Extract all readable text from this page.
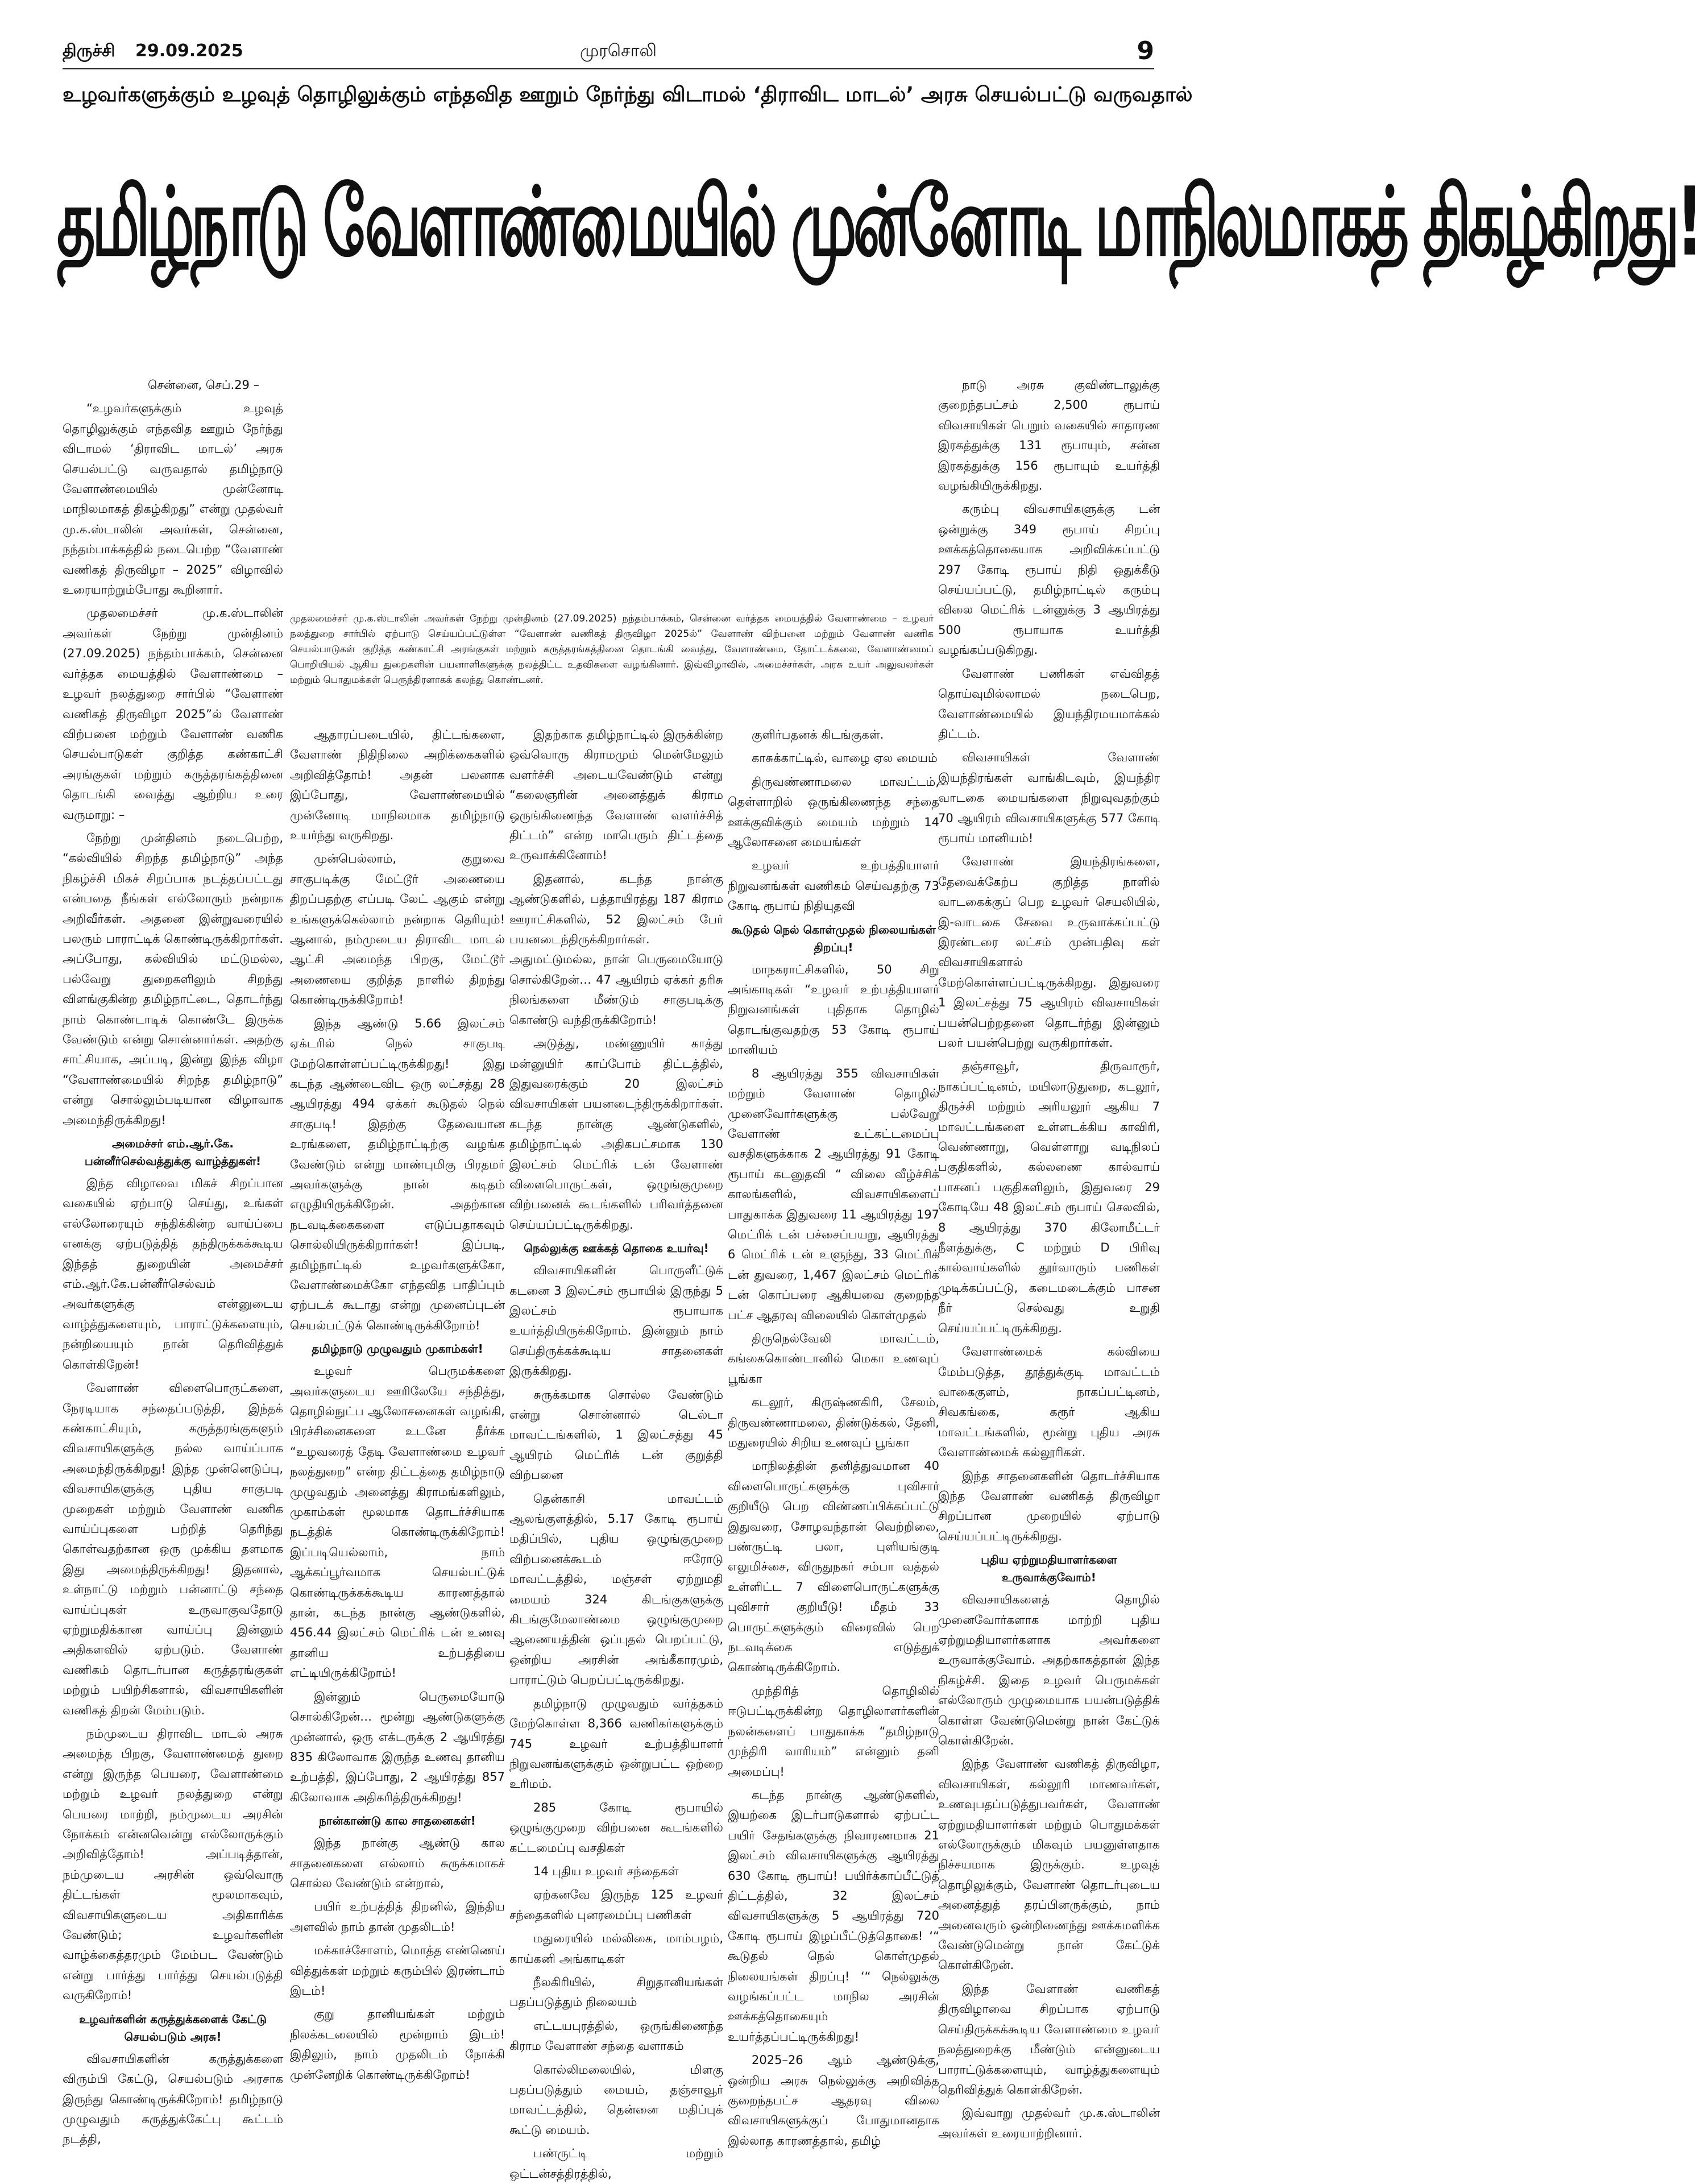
திருச்சி 29.09.2025	முரசொலி	9
உழவர்களுக்கும் உழவுத் தொழிலுக்கும் எந்தவித ஊறும் நேர்ந்து விடாமல் ‘திராவிட மாடல்’ அரசு செயல்பட்டு வருவதால்
தமிழ்நாடு வேளாண்மையில் முன்னோடி மாநிலமாகத் திகழ்கிறது!
முதலமைச்சர் மு.க.ஸ்டாலின் அவர்கள் நேற்று முன்தினம் (27.09.2025) நந்தம்பாக்கம், சென்னை வர்த்தக மையத்தில் வேளாண்மை – உழவர் நலத்துறை சார்பில் ஏற்பாடு செய்யப்பட்டுள்ள “வேளாண் வணிகத் திருவிழா 2025ல்” வேளாண் விற்பனை மற்றும் வேளாண் வணிக செயல்பாடுகள் குறித்த கண்காட்சி அரங்குகள் மற்றும் கருத்தரங்கத்தினை தொடங்கி வைத்து, வேளாண்மை, தோட்டக்கலை, வேளாண்மைப் பொறியியல் ஆகிய துறைகளின் பயனாளிகளுக்கு நலத்திட்ட உதவிகளை வழங்கினார். இவ்விழாவில், அமைச்சர்கள், அரசு உயர் அலுவலர்கள் மற்றும் பொதுமக்கள் பெருந்திரளாகக் கலந்து கொண்டனர்.

சென்னை, செப்.29 –

“உழவர்களுக்கும் உழவுத் தொழிலுக்கும் எந்தவித ஊறும் நேர்ந்து விடாமல் ‘திராவிட மாடல்’ அரசு செயல்பட்டு வருவதால் தமிழ்நாடு வேளாண்மையில் முன்னோடி மாநிலமாகத் திகழ்கிறது” என்று முதல்வர் மு.க.ஸ்டாலின் அவர்கள், சென்னை, நந்தம்பாக்கத்தில் நடைபெற்ற “வேளாண் வணிகத் திருவிழா – 2025” விழாவில் உரையாற்றும்போது கூறினார்.

முதலமைச்சர் மு.க.ஸ்டாலின் அவர்கள் நேற்று முன்தினம் (27.09.2025) நந்தம்பாக்கம், சென்னை வர்த்தக மையத்தில் வேளாண்மை – உழவர் நலத்துறை சார்பில் “வேளாண் வணிகத் திருவிழா 2025”ல் வேளாண் விற்பனை மற்றும் வேளாண் வணிக செயல்பாடுகள் குறித்த கண்காட்சி அரங்குகள் மற்றும் கருத்தரங்கத்தினை தொடங்கி வைத்து ஆற்றிய உரை வருமாறு: –

நேற்று முன்தினம் நடைபெற்ற, “கல்வியில் சிறந்த தமிழ்நாடு” அந்த நிகழ்ச்சி மிகச் சிறப்பாக நடத்தப்பட்டது என்பதை நீங்கள் எல்லோரும் நன்றாக அறிவீர்கள். அதனை இன்றுவரையில் பலரும் பாராட்டிக் கொண்டிருக்கிறார்கள். அப்போது, கல்வியில் மட்டுமல்ல, பல்வேறு துறைகளிலும் சிறந்து விளங்குகின்ற தமிழ்நாட்டை, தொடர்ந்து நாம் கொண்டாடிக் கொண்டே இருக்க வேண்டும் என்று சொன்னார்கள். அதற்கு சாட்சியாக, அப்படி, இன்று இந்த விழா “வேளாண்மையில் சிறந்த தமிழ்நாடு” என்று சொல்லும்படியான விழாவாக அமைந்திருக்கிறது!

அமைச்சர் எம்.ஆர்.கே. பன்னீர்செல்வத்துக்கு வாழ்த்துகள்!

இந்த விழாவை மிகச் சிறப்பான வகையில் ஏற்பாடு செய்து, உங்கள் எல்லோரையும் சந்திக்கின்ற வாய்ப்பை எனக்கு ஏற்படுத்தித் தந்திருக்கக்கூடிய இந்தத் துறையின் அமைச்சர் எம்.ஆர்.கே.பன்னீர்செல்வம் அவர்களுக்கு என்னுடைய வாழ்த்துகளையும், பாராட்டுக்களையும், நன்றியையும் நான் தெரிவித்துக் கொள்கிறேன்!

வேளாண் விளைபொருட்களை, நேரடியாக சந்தைப்படுத்தி, இந்தக் கண்காட்சியும், கருத்தரங்குகளும் விவசாயிகளுக்கு நல்ல வாய்ப்பாக அமைந்திருக்கிறது! இந்த முன்னெடுப்பு, விவசாயிகளுக்கு புதிய சாகுபடி முறைகள் மற்றும் வேளாண் வணிக வாய்ப்புகளை பற்றித் தெரிந்து கொள்வதற்கான ஒரு முக்கிய தளமாக இது அமைந்திருக்கிறது! இதனால், உள்நாட்டு மற்றும் பன்னாட்டு சந்தை வாய்ப்புகள் உருவாகுவதோடு ஏற்றுமதிக்கான வாய்ப்பு இன்னும் அதிகளவில் ஏற்படும். வேளாண் வணிகம் தொடர்பான கருத்தரங்குகள் மற்றும் பயிற்சிகளால், விவசாயிகளின் வணிகத் திறன் மேம்படும்.

நம்முடைய திராவிட மாடல் அரசு அமைந்த பிறகு, வேளாண்மைத் துறை என்று இருந்த பெயரை, வேளாண்மை மற்றும் உழவர் நலத்துறை என்று பெயரை மாற்றி, நம்முடைய அரசின் நோக்கம் என்னவென்று எல்லோருக்கும் அறிவித்தோம்! அப்படித்தான், நம்முடைய அரசின் ஒவ்வொரு திட்டங்கள் மூலமாகவும், விவசாயிகளுடைய அதிகாரிக்க வேண்டும்; உழவர்களின் வாழ்க்கைத்தரமும் மேம்பட வேண்டும் என்று பார்த்து பார்த்து செயல்படுத்தி வருகிறோம்!

உழவர்களின் கருத்துக்களைக் கேட்டு செயல்படும் அரசு!

விவசாயிகளின் கருத்துக்களை விரும்பி கேட்டு, செயல்படும் அரசாக இருந்து கொண்டிருக்கிறோம்! தமிழ்நாடு முழுவதும் கருத்துக்கேட்பு கூட்டம் நடத்தி,

ஆதாரப்படையில், திட்டங்களை, வேளாண் நிதிநிலை அறிக்கைகளில் அறிவித்தோம்! அதன் பலனாக இப்போது, வேளாண்மையில் முன்னோடி மாநிலமாக தமிழ்நாடு உயர்ந்து வருகிறது.

முன்பெல்லாம், குறுவை சாகுபடிக்கு மேட்டூர் அணையை திறப்பதற்கு எப்படி லேட் ஆகும் என்று உங்களுக்கெல்லாம் நன்றாக தெரியும்! ஆனால், நம்முடைய திராவிட மாடல் ஆட்சி அமைந்த பிறகு, மேட்டூர் அணையை குறித்த நாளில் திறந்து கொண்டிருக்கிறோம்!

இந்த ஆண்டு 5.66 இலட்சம் ஏக்டரில் நெல் சாகுபடி மேற்கொள்ளப்பட்டிருக்கிறது! இது கடந்த ஆண்டைவிட ஒரு லட்சத்து 28 ஆயிரத்து 494 ஏக்கர் கூடுதல் நெல் சாகுபடி! இதற்கு தேவையான உரங்களை, தமிழ்நாட்டிற்கு வழங்க வேண்டும் என்று மாண்புமிகு பிரதமர் அவர்களுக்கு நான் கடிதம் எழுதியிருக்கிறேன். அதற்கான நடவடிக்கைகளை எடுப்பதாகவும் சொல்லியிருக்கிறார்கள்! இப்படி, தமிழ்நாட்டில் உழவர்களுக்கோ, வேளாண்மைக்கோ எந்தவித பாதிப்பும் ஏற்படக் கூடாது என்று முனைப்புடன் செயல்பட்டுக் கொண்டிருக்கிறோம்!

தமிழ்நாடு முழுவதும் முகாம்கள்!

உழவர் பெருமக்களை அவர்களுடைய ஊரிலேயே சந்தித்து, தொழில்நுட்ப ஆலோசனைகள் வழங்கி, பிரச்சினைகளை உடனே தீர்க்க “உழவரைத் தேடி வேளாண்மை உழவர் நலத்துறை” என்ற திட்டத்தை தமிழ்நாடு முழுவதும் அனைத்து கிராமங்களிலும், முகாம்கள் மூலமாக தொடர்ச்சியாக நடத்திக் கொண்டிருக்கிறோம்! இப்படியெல்லாம், நாம் ஆக்கப்பூர்வமாக செயல்பட்டுக் கொண்டிருக்கக்கூடிய காரணத்தால் தான், கடந்த நான்கு ஆண்டுகளில், 456.44 இலட்சம் மெட்ரிக் டன் உணவு தானிய உற்பத்தியை எட்டியிருக்கிறோம்!

இன்னும் பெருமையோடு சொல்கிறேன்… மூன்று ஆண்டுகளுக்கு முன்னால், ஒரு எக்டருக்கு 2 ஆயிரத்து 835 கிலோவாக இருந்த உணவு தானிய உற்பத்தி, இப்போது, 2 ஆயிரத்து 857 கிலோவாக அதிகரித்திருக்கிறது!

நான்காண்டு கால சாதனைகள்!

இந்த நான்கு ஆண்டு கால சாதனைகளை எல்லாம் சுருக்கமாகச் சொல்ல வேண்டும் என்றால்,

பயிர் உற்பத்தித் திறனில், இந்திய அளவில் நாம் தான் முதலிடம்!

மக்காச்சோளம், மொத்த எண்ணெய் வித்துக்கள் மற்றும் கரும்பில் இரண்டாம் இடம்!

குறு தானியங்கள் மற்றும் நிலக்கடலையில் மூன்றாம் இடம்! இதிலும், நாம் முதலிடம் நோக்கி முன்னேறிக் கொண்டிருக்கிறோம்!

இதற்காக தமிழ்நாட்டில் இருக்கின்ற ஒவ்வொரு கிராமமும் மென்மேலும் வளர்ச்சி அடையவேண்டும் என்று “கலைஞரின் அனைத்துக் கிராம ஒருங்கிணைந்த வேளாண் வளர்ச்சித் திட்டம்” என்ற மாபெரும் திட்டத்தை உருவாக்கினோம்!

இதனால், கடந்த நான்கு ஆண்டுகளில், பத்தாயிரத்து 187 கிராம ஊராட்சிகளில், 52 இலட்சம் பேர் பயனடைந்திருக்கிறார்கள். அதுமட்டுமல்ல, நான் பெருமையோடு சொல்கிறேன்… 47 ஆயிரம் ஏக்கர் தரிசு நிலங்களை மீண்டும் சாகுபடிக்கு கொண்டு வந்திருக்கிறோம்!

அடுத்து, மண்ணுயிர் காத்து மன்னுயிர் காப்போம் திட்டத்தில், இதுவரைக்கும் 20 இலட்சம் விவசாயிகள் பயனடைந்திருக்கிறார்கள். கடந்த நான்கு ஆண்டுகளில், தமிழ்நாட்டில் அதிகபட்சமாக 130 இலட்சம் மெட்ரிக் டன் வேளாண் விளைபொருட்கள், ஒழுங்குமுறை விற்பனைக் கூடங்களில் பரிவர்த்தனை செய்யப்பட்டிருக்கிறது.

நெல்லுக்கு ஊக்கத் தொகை உயர்வு!

விவசாயிகளின் பொருளீட்டுக் கடனை 3 இலட்சம் ரூபாயில் இருந்து 5 இலட்சம் ரூபாயாக உயர்த்தியிருக்கிறோம். இன்னும் நாம் செய்திருக்கக்கூடிய சாதனைகள் இருக்கிறது.

சுருக்கமாக சொல்ல வேண்டும் என்று சொன்னால் டெல்டா மாவட்டங்களில், 1 இலட்சத்து 45 ஆயிரம் மெட்ரிக் டன் குறுத்தி விற்பனை

தென்காசி மாவட்டம் ஆலங்குளத்தில், 5.17 கோடி ரூபாய் மதிப்பில், புதிய ஒழுங்குமுறை விற்பனைக்கூடம் ஈரோடு மாவட்டத்தில், மஞ்சள் ஏற்றுமதி மையம் 324 கிடங்குகளுக்கு கிடங்குமேலாண்மை ஒழுங்குமுறை ஆணையத்தின் ஒப்புதல் பெறப்பட்டு, ஒன்றிய அரசின் அங்கீகாரமும், பாராட்டும் பெறப்பட்டிருக்கிறது.

தமிழ்நாடு முழுவதும் வர்த்தகம் மேற்கொள்ள 8,366 வணிகர்களுக்கும் 745 உழவர் உற்பத்தியாளர் நிறுவனங்களுக்கும் ஒன்றுபட்ட ஒற்றை உரிமம்.

285 கோடி ரூபாயில் ஒழுங்குமுறை விற்பனை கூடங்களில் கட்டமைப்பு வசதிகள்

14 புதிய உழவர் சந்தைகள்

ஏற்கனவே இருந்த 125 உழவர் சந்தைகளில் புனரமைப்பு பணிகள்

மதுரையில் மல்லிகை, மாம்பழம், காய்கனி அங்காடிகள்

நீலகிரியில், சிறுதானியங்கள் பதப்படுத்தும் நிலையம்

எட்டயபுரத்தில், ஒருங்கிணைந்த கிராம வேளாண் சந்தை வளாகம்

கொல்லிமலையில், மிளகு பதப்படுத்தும் மையம், தஞ்சாவூர் மாவட்டத்தில், தென்னை மதிப்புக் கூட்டு மையம்.

பண்ருட்டி மற்றும் ஒட்டன்சத்திரத்தில்,

குளிர்பதனக் கிடங்குகள்.

காசுக்காட்டில், வாழை ஏல மையம்

திருவண்ணாமலை மாவட்டம், தெள்ளாறில் ஒருங்கிணைந்த சந்தை ஊக்குவிக்கும் மையம் மற்றும் 14 ஆலோசனை மையங்கள்

உழவர் உற்பத்தியாளர் நிறுவனங்கள் வணிகம் செய்வதற்கு 73 கோடி ரூபாய் நிதியுதவி

கூடுதல் நெல் கொள்முதல் நிலையங்கள் திறப்பு!

மாநகராட்சிகளில், 50 சிறு அங்காடிகள் “உழவர் உற்பத்தியாளர் நிறுவனங்கள் புதிதாக தொழில் தொடங்குவதற்கு 53 கோடி ரூபாய் மானியம்

8 ஆயிரத்து 355 விவசாயிகள் மற்றும் வேளாண் தொழில் முனைவோர்களுக்கு பல்வேறு வேளாண் உட்கட்டமைப்பு வசதிகளுக்காக 2 ஆயிரத்து 91 கோடி ரூபாய் கடனுதவி “ விலை வீழ்ச்சிக் காலங்களில், விவசாயிகளைப் பாதுகாக்க இதுவரை 11 ஆயிரத்து 197 மெட்ரிக் டன் பச்சைப்பயறு, ஆயிரத்து 6 மெட்ரிக் டன் உளுந்து, 33 மெட்ரிக் டன் துவரை, 1,467 இலட்சம் மெட்ரிக் டன் கொப்பரை ஆகியவை குறைந்த பட்ச ஆதரவு விலையில் கொள்முதல்

திருநெல்வேலி மாவட்டம், கங்கைகொண்டானில் மெகா உணவுப் பூங்கா

கடலூர், கிருஷ்ணகிரி, சேலம், திருவண்ணாமலை, திண்டுக்கல், தேனி, மதுரையில் சிறிய உணவுப் பூங்கா

மாநிலத்தின் தனித்துவமான 40 விளைபொருட்களுக்கு புவிசார் குறியீடு பெற விண்ணப்பிக்கப்பட்டு இதுவரை, சோழவந்தான் வெற்றிலை, பண்ருட்டி பலா, புளியங்குடி எலுமிச்சை, விருதுநகர் சம்பா வத்தல் உள்ளிட்ட 7 விளைபொருட்களுக்கு புவிசார் குறியீடு! மீதம் 33 பொருட்களுக்கும் விரைவில் பெற நடவடிக்கை எடுத்துக் கொண்டிருக்கிறோம்.

முந்திரித் தொழிலில் ஈடுபட்டிருக்கின்ற தொழிலாளர்களின் நலன்களைப் பாதுகாக்க “தமிழ்நாடு முந்திரி வாரியம்” என்னும் தனி அமைப்பு!

கடந்த நான்கு ஆண்டுகளில், இயற்கை இடர்பாடுகளால் ஏற்பட்ட பயிர் சேதங்களுக்கு நிவாரணமாக 21 இலட்சம் விவசாயிகளுக்கு ஆயிரத்து 630 கோடி ரூபாய்! பயிர்க்காப்பீட்டுத் திட்டத்தில், 32 இலட்சம் விவசாயிகளுக்கு 5 ஆயிரத்து 720 கோடி ரூபாய் இழப்பீட்டுத்தொகை! ‘“ கூடுதல் நெல் கொள்முதல் நிலையங்கள் திறப்பு! ‘“ நெல்லுக்கு வழங்கப்பட்ட மாநில அரசின் ஊக்கத்தொகையும் உயர்த்தப்பட்டிருக்கிறது!

2025–26 ஆம் ஆண்டுக்கு, ஒன்றிய அரசு நெல்லுக்கு அறிவித்த குறைந்தபட்ச ஆதரவு விலை விவசாயிகளுக்குப் போதுமானதாக இல்லாத காரணத்தால், தமிழ்

நாடு அரசு குவிண்டாலுக்கு குறைந்தபட்சம் 2,500 ரூபாய் விவசாயிகள் பெறும் வகையில் சாதாரண இரகத்துக்கு 131 ரூபாயும், சன்ன இரகத்துக்கு 156 ரூபாயும் உயர்த்தி வழங்கியிருக்கிறது.

கரும்பு விவசாயிகளுக்கு டன் ஒன்றுக்கு 349 ரூபாய் சிறப்பு ஊக்கத்தொகையாக அறிவிக்கப்பட்டு 297 கோடி ரூபாய் நிதி ஒதுக்கீடு செய்யப்பட்டு, தமிழ்நாட்டில் கரும்பு விலை மெட்ரிக் டன்னுக்கு 3 ஆயிரத்து 500 ரூபாயாக உயர்த்தி வழங்கப்படுகிறது.

வேளாண் பணிகள் எவ்விதத் தொய்வுமில்லாமல் நடைபெற, வேளாண்மையில் இயந்திரமயமாக்கல் திட்டம்.

விவசாயிகள் வேளாண் இயந்திரங்கள் வாங்கிடவும், இயந்திர வாடகை மையங்களை நிறுவுவதற்கும் 70 ஆயிரம் விவசாயிகளுக்கு 577 கோடி ரூபாய் மானியம்!

வேளாண் இயந்திரங்களை, தேவைக்கேற்ப குறித்த நாளில் வாடகைக்குப் பெற உழவர் செயலியில், இ-வாடகை சேவை உருவாக்கப்பட்டு இரண்டரை லட்சம் முன்பதிவு கள் விவசாயிகளால் மேற்கொள்ளப்பட்டிருக்கிறது. இதுவரை 1 இலட்சத்து 75 ஆயிரம் விவசாயிகள் பயன்பெற்றதனை தொடர்ந்து இன்னும் பலர் பயன்பெற்று வருகிறார்கள்.

தஞ்சாவூர், திருவாரூர், நாகப்பட்டினம், மயிலாடுதுறை, கடலூர், திருச்சி மற்றும் அரியலூர் ஆகிய 7 மாவட்டங்களை உள்ளடக்கிய காவிரி, வெண்ணாறு, வெள்ளாறு வடிநிலப் பகுதிகளில், கல்லணை கால்வாய் பாசனப் பகுதிகளிலும், இதுவரை 29 கோடியே 48 இலட்சம் ரூபாய் செலவில், 8 ஆயிரத்து 370 கிலோமீட்டர் நீளத்துக்கு, C மற்றும் D பிரிவு கால்வாய்களில் தூர்வாரும் பணிகள் முடிக்கப்பட்டு, கடைமடைக்கும் பாசன நீர் செல்வது உறுதி செய்யப்பட்டிருக்கிறது.

வேளாண்மைக் கல்வியை மேம்படுத்த, தூத்துக்குடி மாவட்டம் வாகைகுளம், நாகப்பட்டினம், சிவகங்கை, கரூர் ஆகிய மாவட்டங்களில், மூன்று புதிய அரசு வேளாண்மைக் கல்லூரிகள்.

இந்த சாதனைகளின் தொடர்ச்சியாக இந்த வேளாண் வணிகத் திருவிழா சிறப்பான முறையில் ஏற்பாடு செய்யப்பட்டிருக்கிறது.

புதிய ஏற்றுமதியாளர்களை உருவாக்குவோம்!

விவசாயிகளைத் தொழில் முனைவோர்களாக மாற்றி புதிய ஏற்றுமதியாளர்களாக அவர்களை உருவாக்குவோம். அதற்காகத்தான் இந்த நிகழ்ச்சி. இதை உழவர் பெருமக்கள் எல்லோரும் முழுமையாக பயன்படுத்திக் கொள்ள வேண்டுமென்று நான் கேட்டுக் கொள்கிறேன்.

இந்த வேளாண் வணிகத் திருவிழா, விவசாயிகள், கல்லூரி மாணவர்கள், உணவுபதப்படுத்துபவர்கள், வேளாண் ஏற்றுமதியாளர்கள் மற்றும் பொதுமக்கள் எல்லோருக்கும் மிகவும் பயனுள்ளதாக நிச்சயமாக இருக்கும். உழவுத் தொழிலுக்கும், வேளாண் தொடர்புடைய அனைத்துத் தரப்பினருக்கும், நாம் அனைவரும் ஒன்றிணைந்து ஊக்கமளிக்க வேண்டுமென்று நான் கேட்டுக் கொள்கிறேன்.

இந்த வேளாண் வணிகத் திருவிழாவை சிறப்பாக ஏற்பாடு செய்திருக்கக்கூடிய வேளாண்மை உழவர் நலத்துறைக்கு மீண்டும் என்னுடைய பாராட்டுக்களையும், வாழ்த்துகளையும் தெரிவித்துக் கொள்கிறேன்.

இவ்வாறு முதல்வர் மு.க.ஸ்டாலின் அவர்கள் உரையாற்றினார்.
